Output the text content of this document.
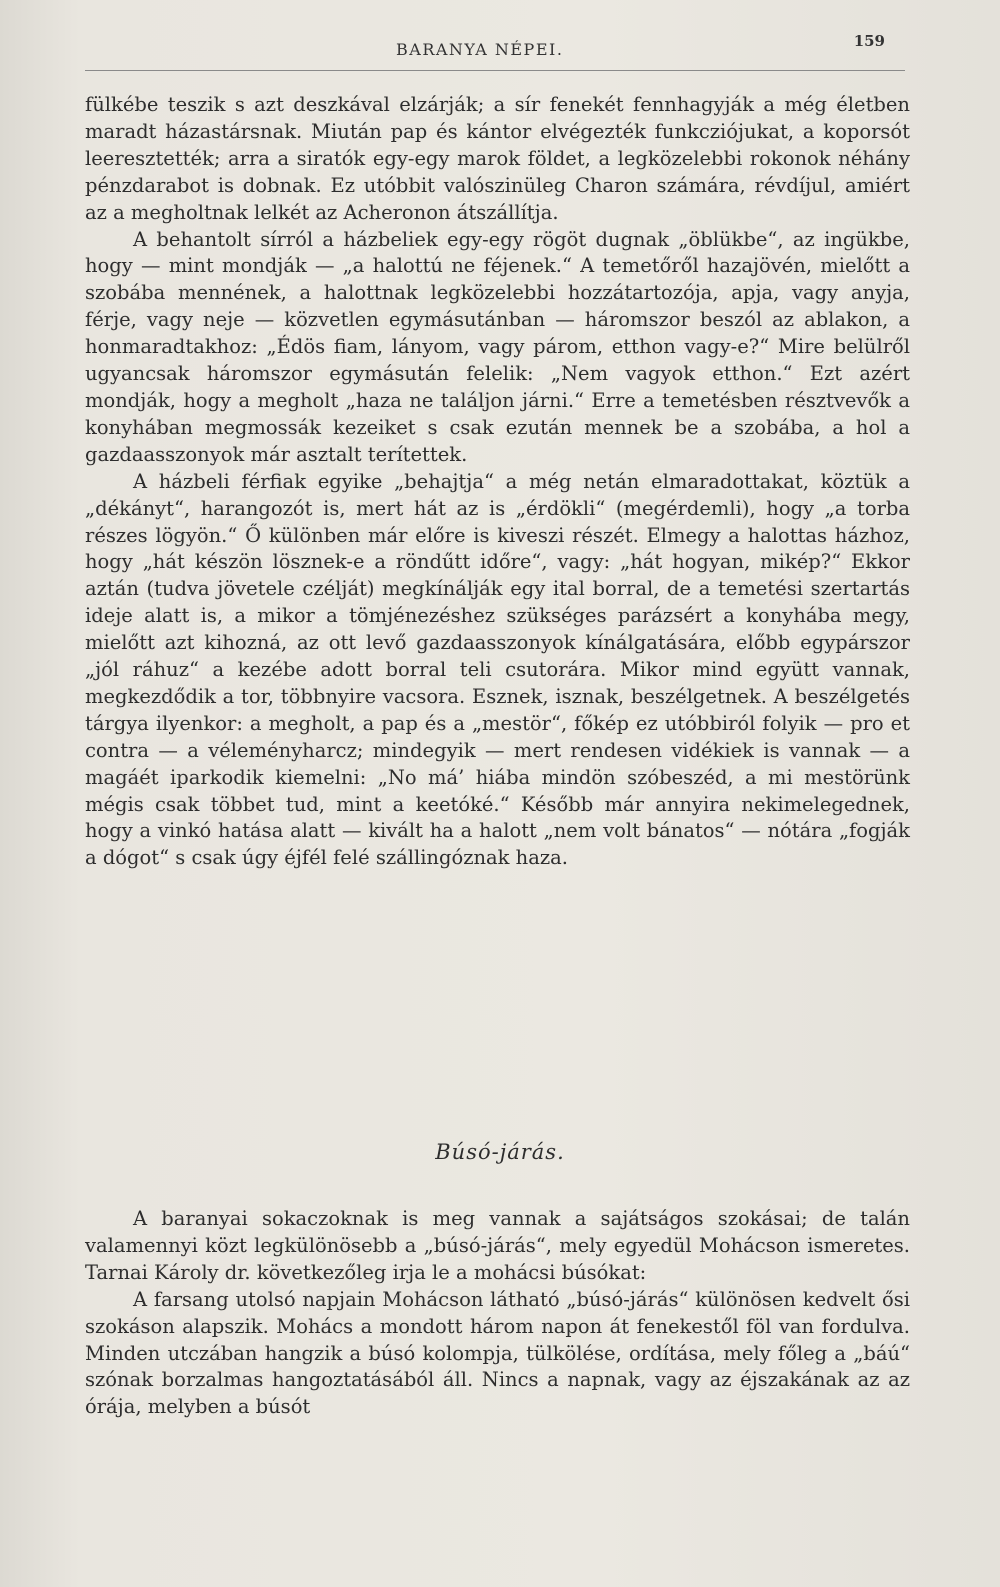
BARANYA NÉPEI.	159

fülkébe teszik s azt deszkával elzárják; a sír fenekét fennhagyják a még életben maradt házastársnak. Miután pap és kántor elvégezték funkcziójukat, a koporsót leeresztették; arra a siratók egy-egy marok földet, a legközelebbi rokonok néhány pénzdarabot is dobnak. Ez utóbbit valószinüleg Charon számára, révdíjul, amiért az a megholtnak lelkét az Acheronon átszállítja.

A behantolt sírról a házbeliek egy-egy rögöt dugnak „öblükbe“, az ingükbe, hogy — mint mondják — „a halottú ne féjenek.“ A temetőről hazajövén, mielőtt a szobába mennének, a halottnak legközelebbi hozzátartozója, apja, vagy anyja, férje, vagy neje — közvetlen egymásutánban — háromszor beszól az ablakon, a honmaradtakhoz: „Édös fiam, lányom, vagy párom, etthon vagy-e?“ Mire belülről ugyancsak háromszor egymásután felelik: „Nem vagyok etthon.“ Ezt azért mondják, hogy a megholt „haza ne találjon járni.“ Erre a temetésben résztvevők a konyhában megmossák kezeiket s csak ezután mennek be a szobába, a hol a gazdaasszonyok már asztalt terítettek.

A házbeli férfiak egyike „behajtja“ a még netán elmaradottakat, köztük a „dékányt“, harangozót is, mert hát az is „érdökli“ (megérdemli), hogy „a torba részes lögyön.“ Ő különben már előre is kiveszi részét. Elmegy a halottas házhoz, hogy „hát készön lösznek-e a röndűtt időre“, vagy: „hát hogyan, mikép?“ Ekkor aztán (tudva jövetele czélját) megkínálják egy ital borral, de a temetési szertartás ideje alatt is, a mikor a tömjénezéshez szükséges parázsért a konyhába megy, mielőtt azt kihozná, az ott levő gazdaasszonyok kínálgatására, előbb egypárszor „jól ráhuz“ a kezébe adott borral teli csutorára. Mikor mind együtt vannak, megkezdődik a tor, többnyire vacsora. Esznek, isznak, beszélgetnek. A beszélgetés tárgya ilyenkor: a megholt, a pap és a „mestör“, főkép ez utóbbiról folyik — pro et contra — a véleményharcz; mindegyik — mert rendesen vidékiek is vannak — a magáét iparkodik kiemelni: „No má’ hiába mindön szóbeszéd, a mi mestörünk mégis csak többet tud, mint a keetóké.“ Később már annyira nekimelegednek, hogy a vinkó hatása alatt — kivált ha a halott „nem volt bánatos“ — nótára „fogják a dógot“ s csak úgy éjfél felé szállingóznak haza.

Búsó-járás.

A baranyai sokaczoknak is meg vannak a sajátságos szokásai; de talán valamennyi közt legkülönösebb a „búsó-járás“, mely egyedül Mohácson ismeretes. Tarnai Károly dr. következőleg irja le a mohácsi búsókat:

A farsang utolsó napjain Mohácson látható „búsó-járás“ különösen kedvelt ősi szokáson alapszik. Mohács a mondott három napon át fenekestől föl van fordulva. Minden utczában hangzik a búsó kolompja, tülkölése, ordítása, mely főleg a „báú“ szónak borzalmas hangoztatásából áll. Nincs a napnak, vagy az éjszakának az az órája, melyben a búsót
